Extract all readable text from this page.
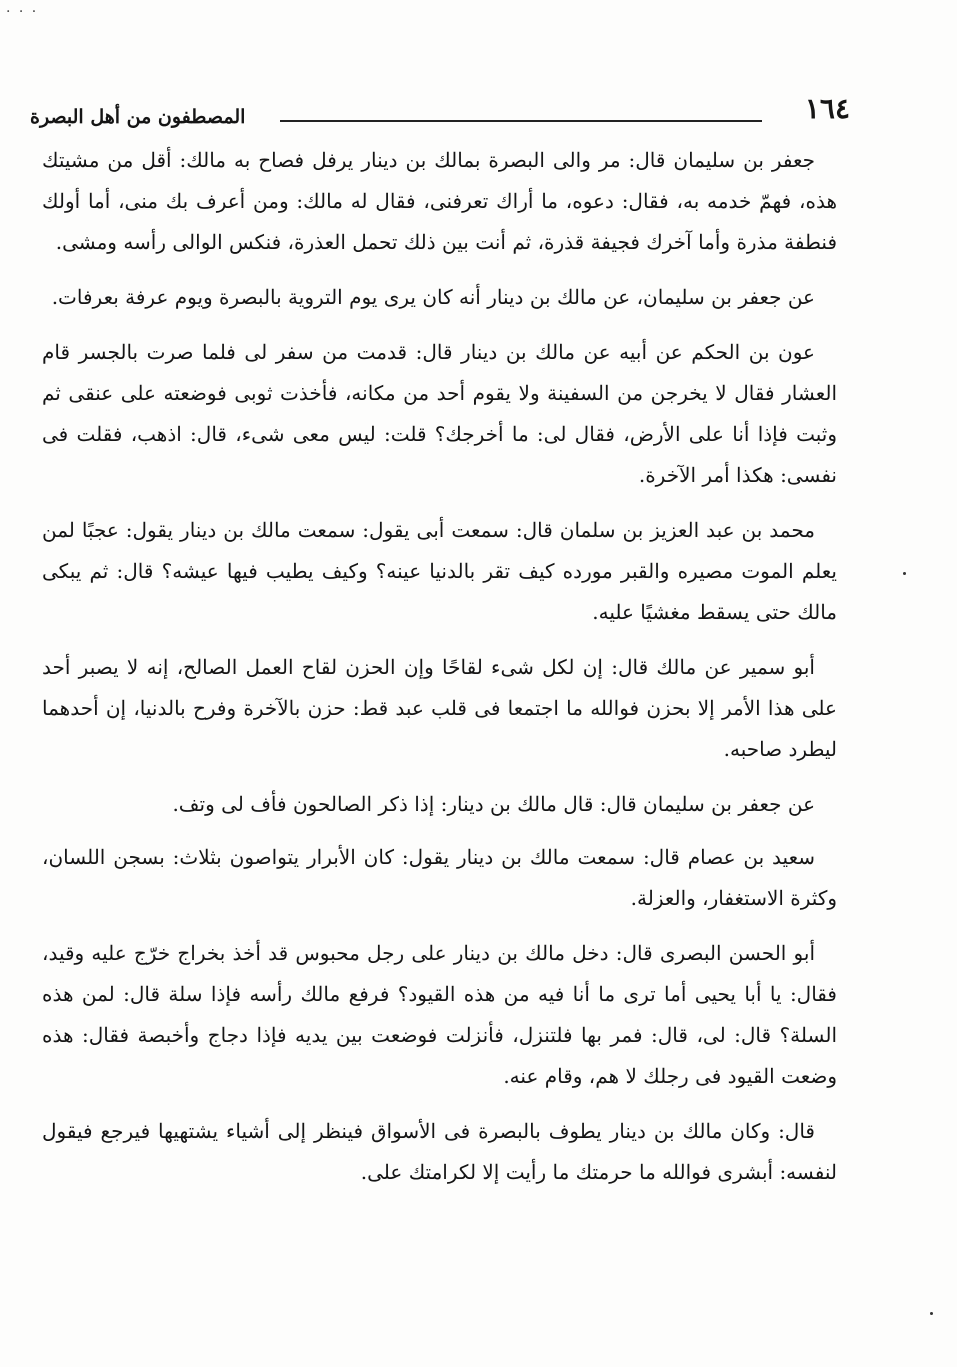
· · ·
المصطفون من أهل البصرة	١٦٤

جعفر بن سليمان قال: مر والى البصرة بمالك بن دينار يرفل فصاح به مالك: أقل من مشيتك هذه، فهمّ خدمه به، فقال: دعوه، ما أراك تعرفنى، فقال له مالك: ومن أعرف بك منى، أما أولك فنطفة مذرة وأما آخرك فجيفة قذرة، ثم أنت بين ذلك تحمل العذرة، فنكس الوالى رأسه ومشى.

عن جعفر بن سليمان، عن مالك بن دينار أنه كان يرى يوم التروية بالبصرة ويوم عرفة بعرفات.

عون بن الحكم عن أبيه عن مالك بن دينار قال: قدمت من سفر لى فلما صرت بالجسر قام العشار فقال لا يخرجن من السفينة ولا يقوم أحد من مكانه، فأخذت ثوبى فوضعته على عنقى ثم وثبت فإذا أنا على الأرض، فقال لى: ما أخرجك؟ قلت: ليس معى شىء، قال: اذهب، فقلت فى نفسى: هكذا أمر الآخرة.

محمد بن عبد العزيز بن سلمان قال: سمعت أبى يقول: سمعت مالك بن دينار يقول: عجبًا لمن يعلم الموت مصيره والقبر مورده كيف تقر بالدنيا عينه؟ وكيف يطيب فيها عيشه؟ قال: ثم يبكى مالك حتى يسقط مغشيًا عليه.

أبو سمير عن مالك قال: إن لكل شىء لقاحًا وإن الحزن لقاح العمل الصالح، إنه لا يصبر أحد على هذا الأمر إلا بحزن فوالله ما اجتمعا فى قلب عبد قط: حزن بالآخرة وفرح بالدنيا، إن أحدهما ليطرد صاحبه.

عن جعفر بن سليمان قال: قال مالك بن دينار: إذا ذكر الصالحون فأف لى وتف.

سعيد بن عصام قال: سمعت مالك بن دينار يقول: كان الأبرار يتواصون بثلاث: بسجن اللسان، وكثرة الاستغفار، والعزلة.

أبو الحسن البصرى قال: دخل مالك بن دينار على رجل محبوس قد أخذ بخراج خرّج عليه وقيد، فقال: يا أبا يحيى أما ترى ما أنا فيه من هذه القيود؟ فرفع مالك رأسه فإذا سلة قال: لمن هذه السلة؟ قال: لى، قال: فمر بها فلتنزل، فأنزلت فوضعت بين يديه فإذا دجاج وأخبصة فقال: هذه وضعت القيود فى رجلك لا هم، وقام عنه.

قال: وكان مالك بن دينار يطوف بالبصرة فى الأسواق فينظر إلى أشياء يشتهيها فيرجع فيقول لنفسه: أبشرى فوالله ما حرمتك ما رأيت إلا لكرامتك على.
